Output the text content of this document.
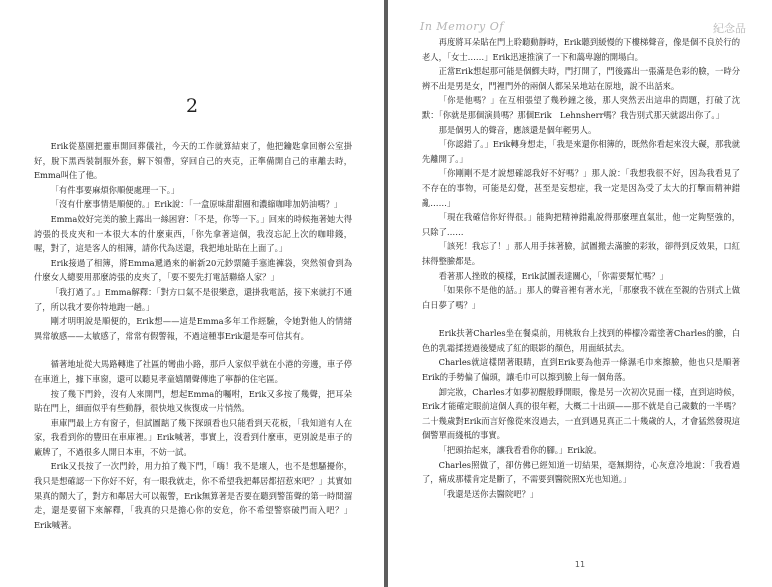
2

Erik從墓園把靈車開回葬儀社，今天的工作就算結束了，他把鑰匙拿回辦公室掛好，脫下黑西裝制服外套，解下領帶，穿回自己的夾克，正準備開自己的車離去時，Emma叫住了他。

「有件事要麻煩你順便處理一下。」

「沒有什麼事情是順便的。」Erik說：「一盒原味甜甜圈和濃縮咖啡加奶油嗎？」

Emma姣好完美的臉上露出一絲困窘：「不是，你等一下。」回來的時候拖著她大得誇張的長皮夾和一本很大本的什麼東西，「你先拿著這個，我沒忘記上次的咖啡錢，喔，對了，這是客人的相簿，請你代為送還，我把地址貼在上面了。」

Erik接過了相簿，將Emma遞過來的嶄新20元鈔票隨手塞進褲袋，突然領會到為什麼女人總要用那麼誇張的皮夾了，「要不要先打電話聯絡人家？」

「我打過了。」Emma解釋：「對方口氣不是很樂意，還掛我電話，接下來就打不通了，所以我才要你特地跑一趟。」

剛才明明說是順便的，Erik想——這是Emma多年工作經驗，令她對他人的情緒異常敏感——太敏感了，常常有假警報，不過這種事Erik還是奉可信其有。

循著地址從大馬路轉進了社區的彎曲小路，那戶人家似乎就在小港的旁邊，車子停在車道上，據下車窗，還可以聽見孝童嬉鬧聲傳進了寧靜的住宅區。

按了幾下門鈴，沒有人來開門，想起Emma的囑咐，Erik又多按了幾聲，把耳朵貼在門上，細面似乎有些動靜，很快地又恢復成一片悄然。

車庫門最上方有窗子，但試圖踮了幾下探頭看也只能看到天花板，「我知道有人在家，我看到你的豐田在車庫裡。」Erik喊著，事實上，沒看到什麼車，更別說是車子的廠牌了，不過很多人開日本車，不妨一試。

Erik又長按了一次門鈴，用力拍了幾下門，「嗨！我不是壞人，也不是想騷擾你，我只是想確認一下你好不好，有一眼我就走，你不希望我把鄰居都招惹來吧？」其實如果真的鬧大了，對方和鄰居大可以報警，Erik無算著是否要在聽到警笛聲的第一時間溜走，還是要留下來解釋，「我真的只是擔心你的安危，你不希望警察破門而入吧？」Erik喊著。

In Memory Of	紀念品

再度將耳朵貼在門上聆聽動靜時，Erik聽到緩慢的下樓梯聲音，像是個不良於行的老人，「女士……」Erik迅速推演了一下和藹卑謝的開場白。

正當Erik想起那可能是個鰥夫時，門打開了，門後露出一張滿是色彩的臉，一時分辨不出是男是女，門裡門外的兩個人都呆呆地站在原地，說不出話來。

「你是他嗎？」在互相張望了幾秒鐘之後，那人突然丟出這串的問題，打破了沈默：「你就是那個演員嗎？那個Erik　Lehnsherr嗎？我告別式那天就認出你了。」

那是個男人的聲音，應該還是個年輕男人。

「你認錯了。」Erik轉身想走，「我是來還你相簿的，既然你看起來沒大礙，那我就先離開了。」

「你剛剛不是才說想確認我好不好嗎？」那人說：「我想我很不好，因為我看見了不存在的事物，可能是幻覺，甚至是妄想症，我一定是因為受了太大的打擊而精神錯亂……」

「現在我確信你好得很。」能夠把精神錯亂說得那麼理直氣壯，他一定夠堅強的，只除了……

「該死！我忘了！」那人用手抹著臉，試圖搬去滿臉的彩妝，卻得到反效果，口紅抹得整臉都是。

看著那人挫敗的模樣，Erik試圖表達關心，「你需要幫忙嗎？」

「如果你不是他的話。」那人的聲音裡有著水光，「那麼我不就在至親的告別式上做白日夢了嗎？」

Erik扶著Charles坐在餐桌前，用桃妝台上找到的棒檬冷霜塗著Charles的臉，白色的乳霜揉搓過後變成了紅的眼影的顏色，用面紙拭去。

Charles就這樣閉著眼睛，直到Erik要為他弄一條濕毛巾來擦臉，他也只是順著Erik的手勢偏了偏頭，讓毛巾可以擦到臉上每一個角落。

卸完妝，Charles才如夢初醒般睜開眼，像是另一次初次見面一樣，直到這時候，Erik才能確定眼前這個人真的很年輕，大概二十出頭——那不就是自己歲數的一半嗎？二十幾歲對Erik而言好像從來沒過去，一直到遇見真正二十幾歲的人，才會猛然發現這個警單而綫柢的事實。

「把頭抬起來，讓我看看你的腳。」Erik說。

Charles照做了，卻仿佛已經知道一切結果，毫無期待，心灰意冷地說：「我看過了，痛成那樣肯定是斷了，不需要到醫院照X光也知道。」

「我還是送你去醫院吧？」

11
